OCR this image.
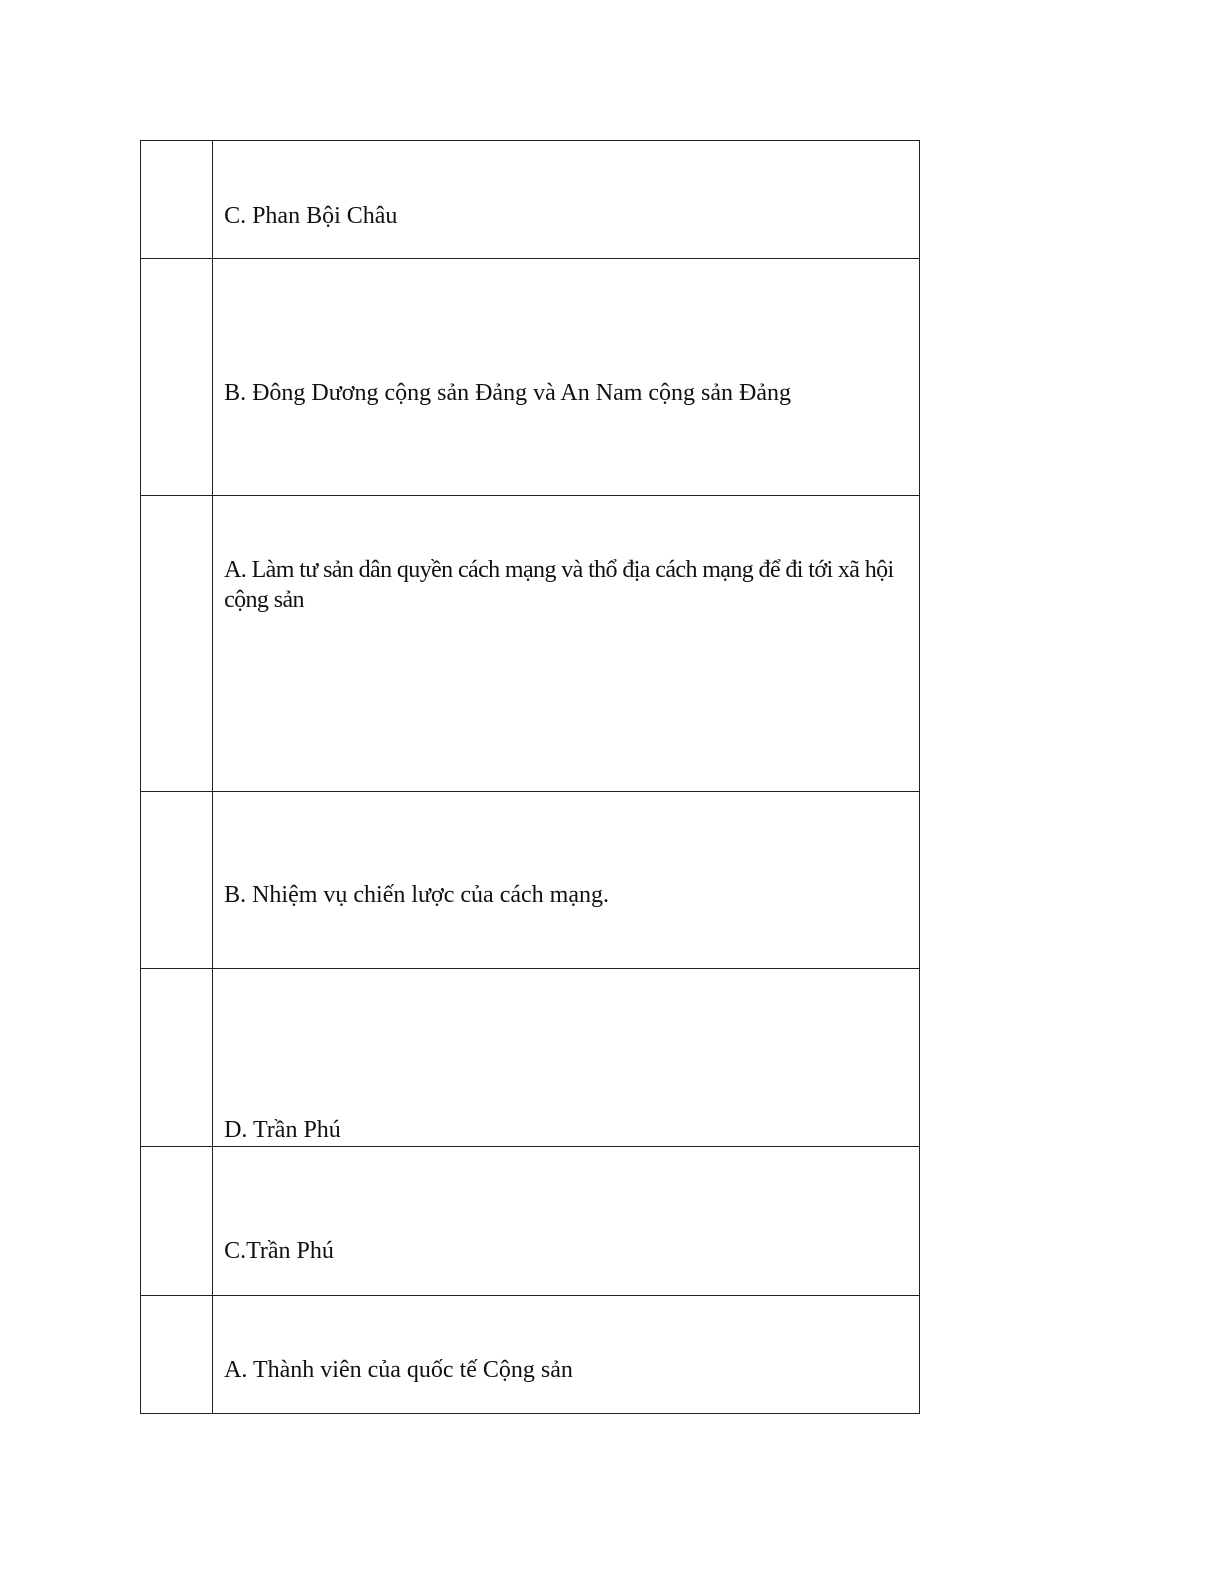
	C. Phan Bội Châu

	B. Đông Dương cộng sản Đảng và An Nam cộng sản Đảng

	A. Làm tư sản dân quyền cách mạng và thổ địa cách mạng để đi tới xã hội cộng sản

	B. Nhiệm vụ chiến lược của cách mạng.

	D. Trần Phú

	C.Trần Phú

	A. Thành viên của quốc tế Cộng sản
